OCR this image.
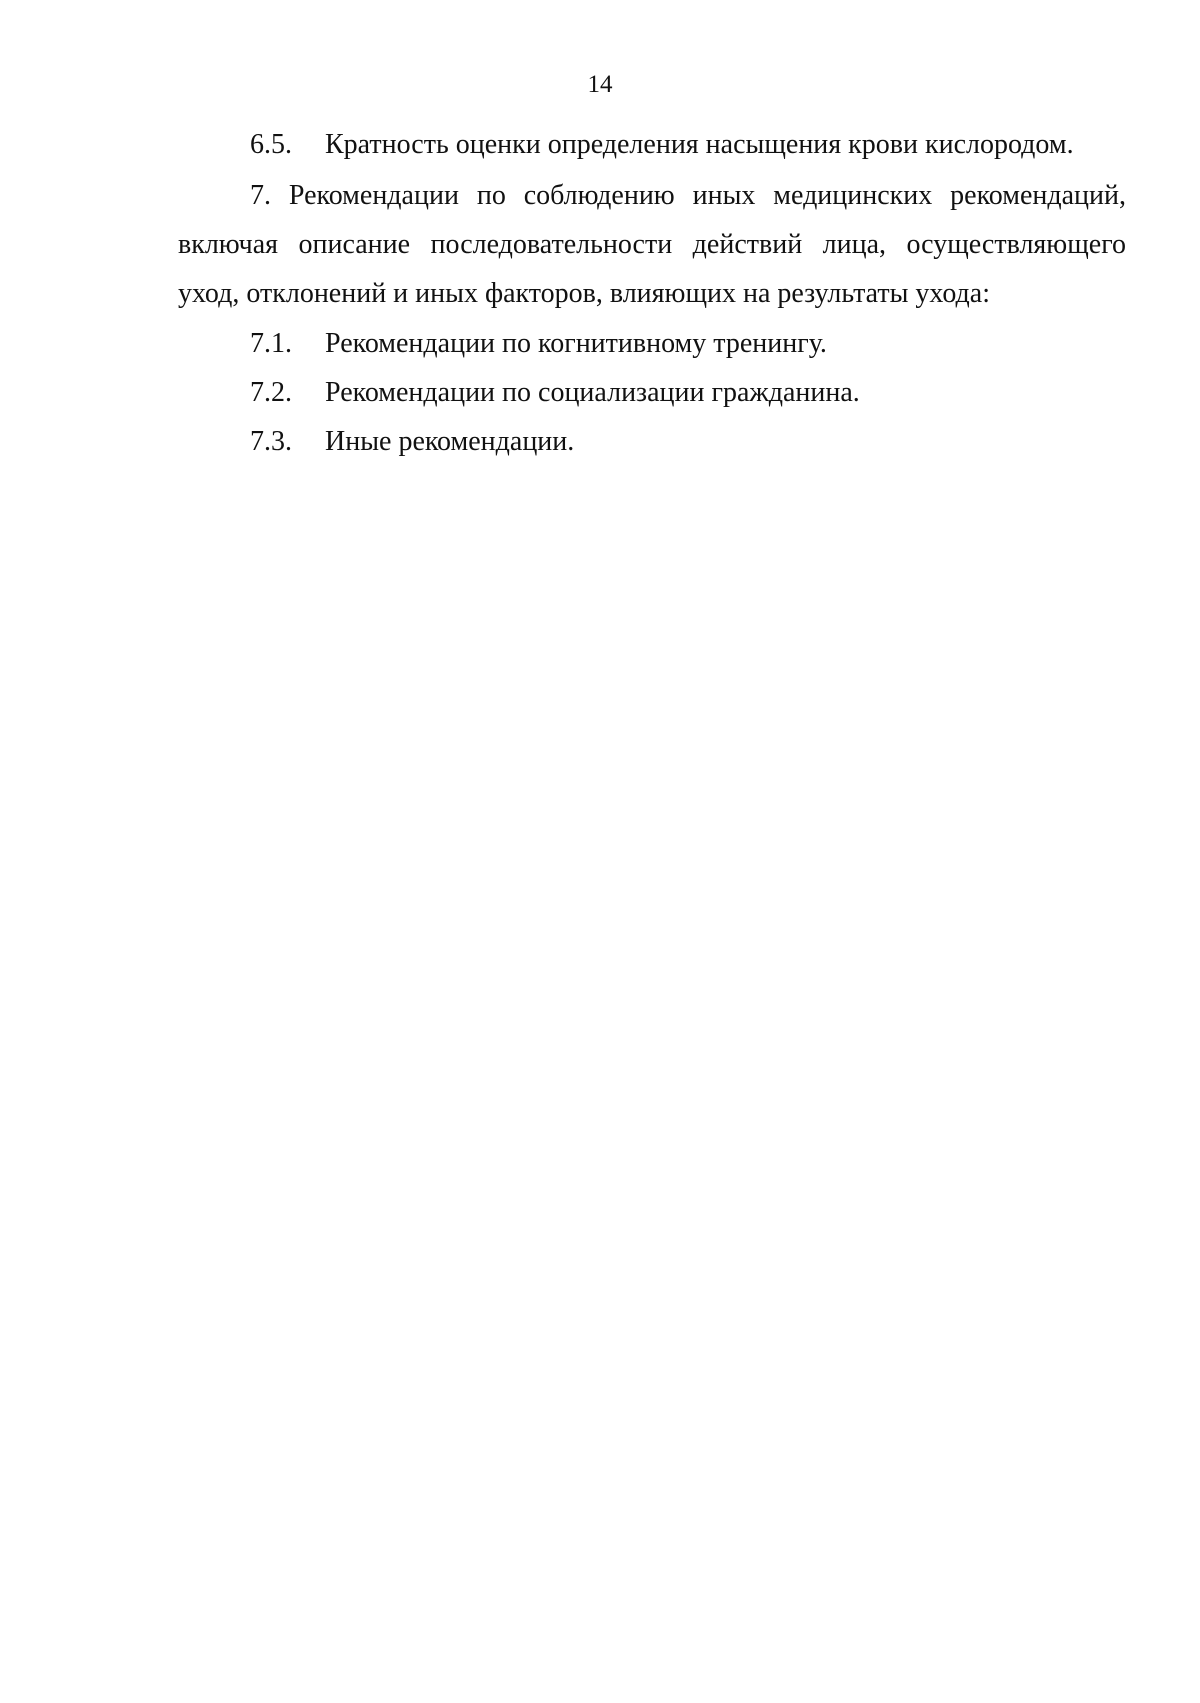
14
6.5. Кратность оценки определения насыщения крови кислородом.
7. Рекомендации по соблюдению иных медицинских рекомендаций,
включая описание последовательности действий лица, осуществляющего
уход, отклонений и иных факторов, влияющих на результаты ухода:
7.1. Рекомендации по когнитивному тренингу.
7.2. Рекомендации по социализации гражданина.
7.3. Иные рекомендации.
